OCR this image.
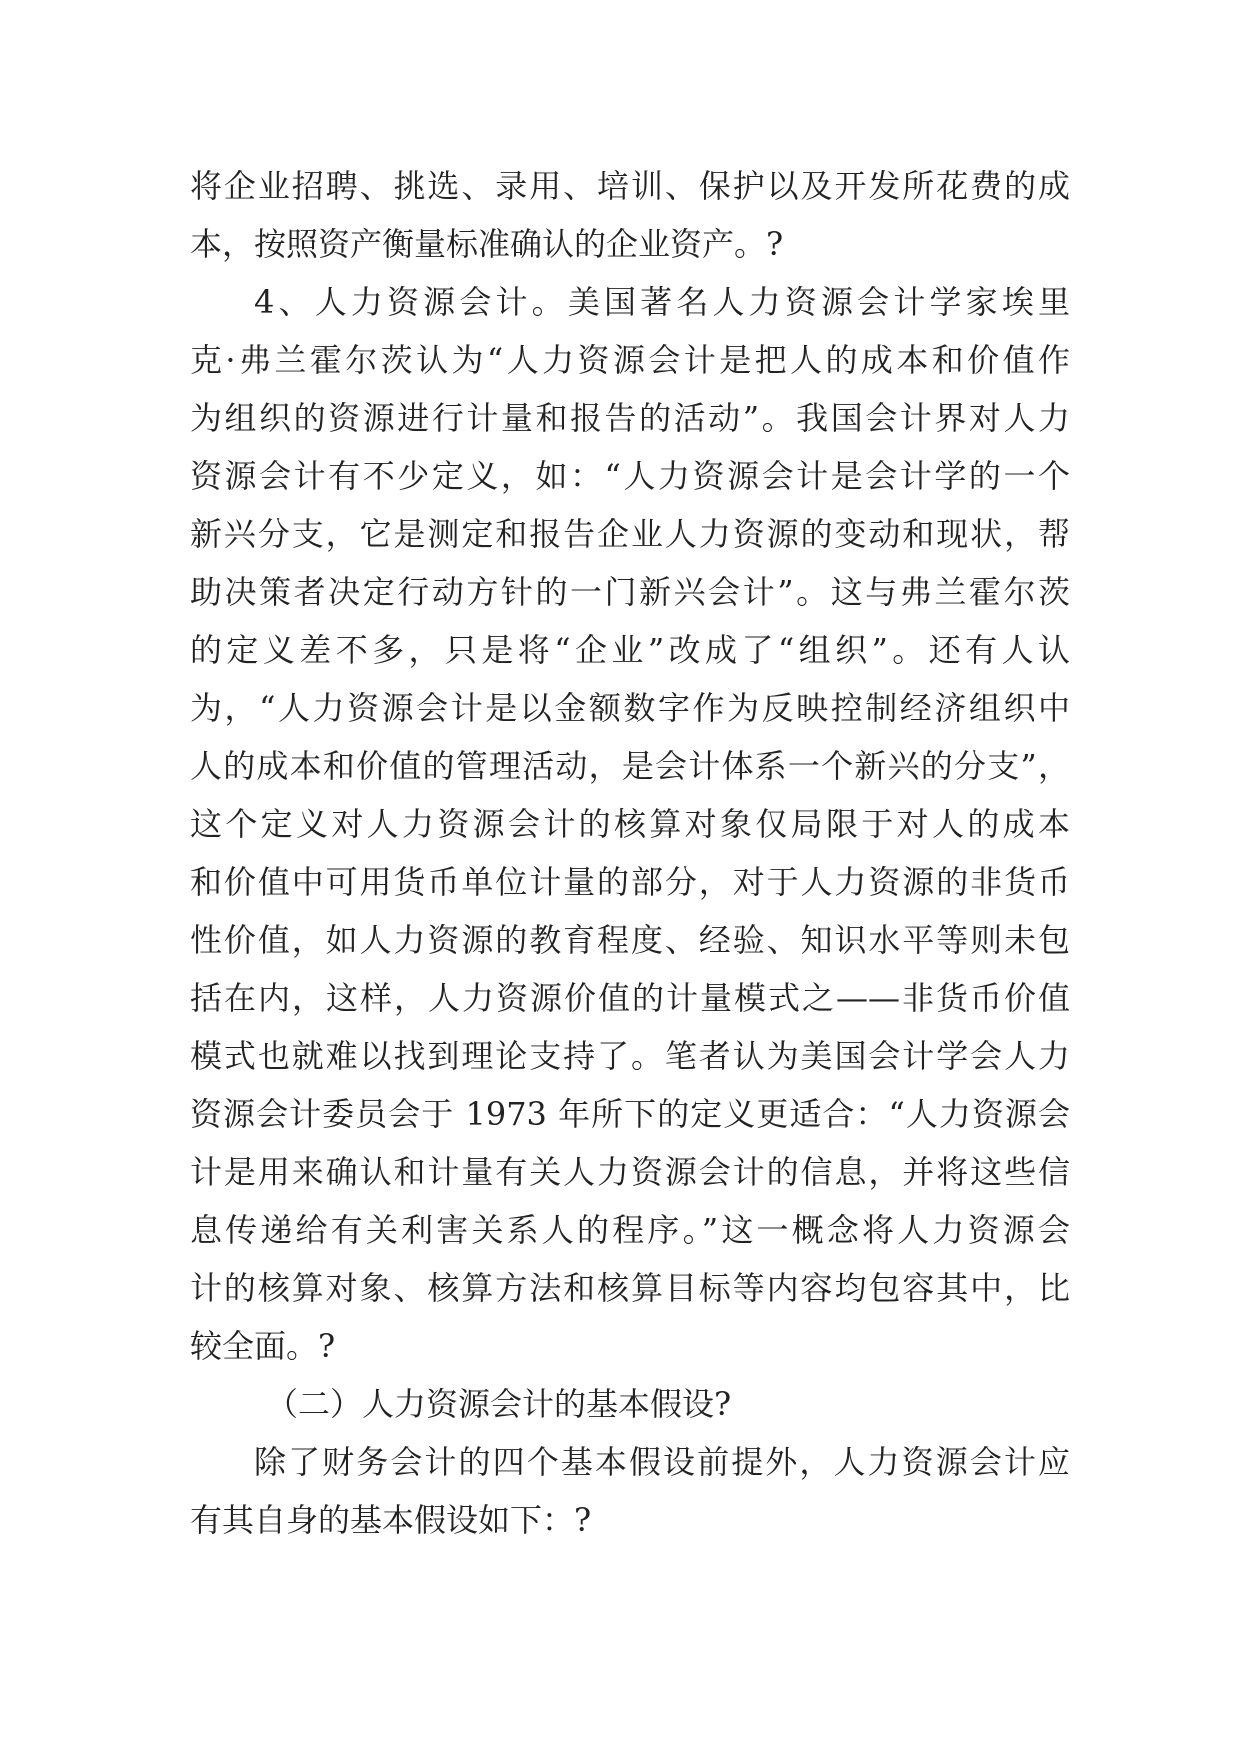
将企业招聘、挑选、录用、培训、保护以及开发所花费的成
本，按照资产衡量标准确认的企业资产。?
4、人力资源会计。美国著名人力资源会计学家埃里
克·弗兰霍尔茨认为“人力资源会计是把人的成本和价值作
为组织的资源进行计量和报告的活动”。我国会计界对人力
资源会计有不少定义，如：“人力资源会计是会计学的一个
新兴分支，它是测定和报告企业人力资源的变动和现状，帮
助决策者决定行动方针的一门新兴会计”。这与弗兰霍尔茨
的定义差不多，只是将“企业”改成了“组织”。还有人认
为，“人力资源会计是以金额数字作为反映控制经济组织中
人的成本和价值的管理活动，是会计体系一个新兴的分支”，
这个定义对人力资源会计的核算对象仅局限于对人的成本
和价值中可用货币单位计量的部分，对于人力资源的非货币
性价值，如人力资源的教育程度、经验、知识水平等则未包
括在内，这样，人力资源价值的计量模式之——非货币价值
模式也就难以找到理论支持了。笔者认为美国会计学会人力
资源会计委员会于 1973 年所下的定义更适合：“人力资源会
计是用来确认和计量有关人力资源会计的信息，并将这些信
息传递给有关利害关系人的程序。”这一概念将人力资源会
计的核算对象、核算方法和核算目标等内容均包容其中，比
较全面。?
（二）人力资源会计的基本假设?
除了财务会计的四个基本假设前提外，人力资源会计应
有其自身的基本假设如下：?
